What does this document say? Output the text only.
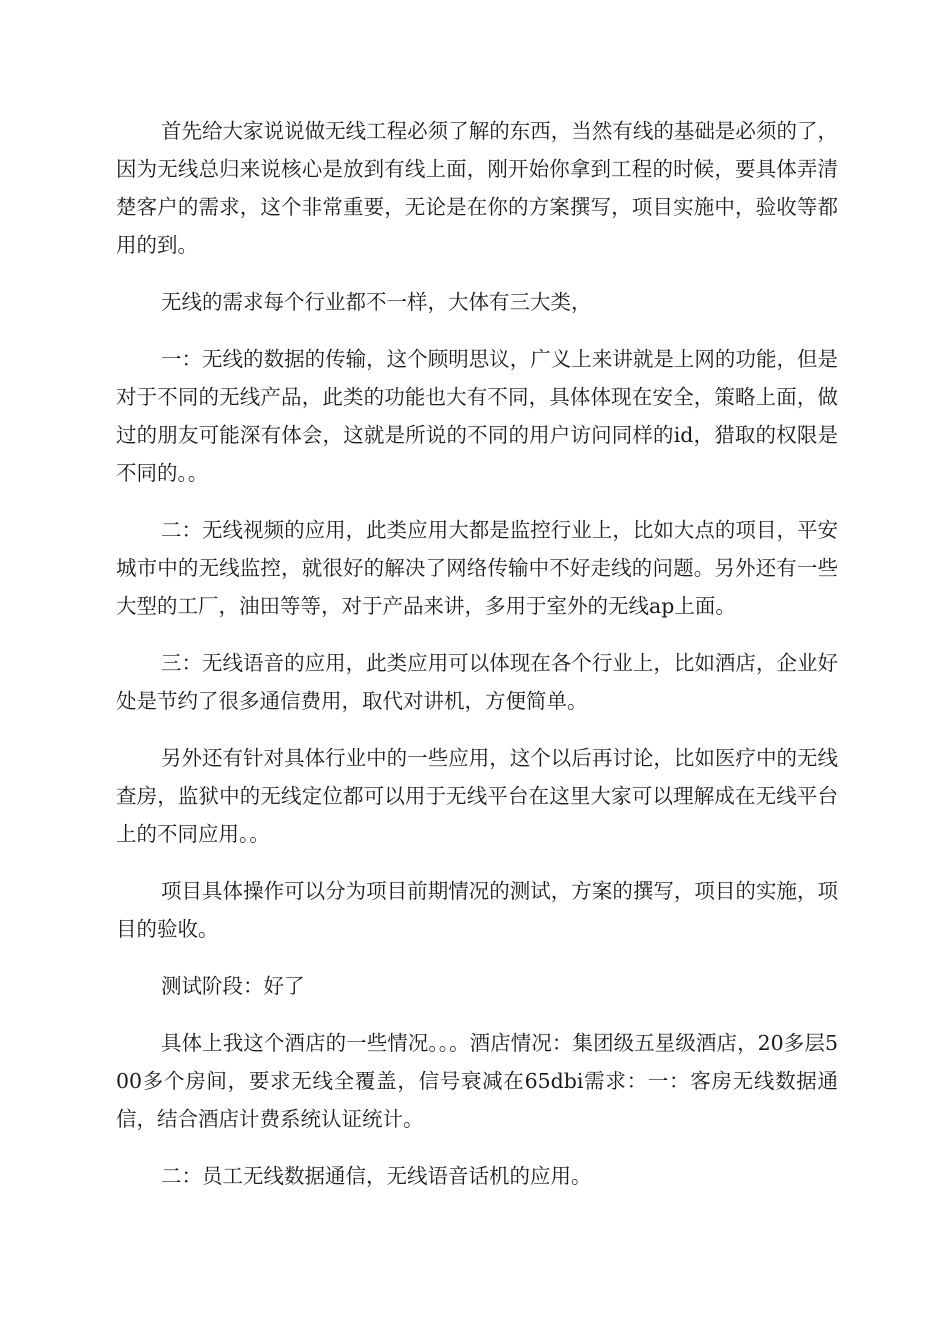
首先给大家说说做无线工程必须了解的东西，当然有线的基础是必须的了，因为无线总归来说核心是放到有线上面，刚开始你拿到工程的时候，要具体弄清楚客户的需求，这个非常重要，无论是在你的方案撰写，项目实施中，验收等都用的到。

无线的需求每个行业都不一样，大体有三大类，

一：无线的数据的传输，这个顾明思议，广义上来讲就是上网的功能，但是对于不同的无线产品，此类的功能也大有不同，具体体现在安全，策略上面，做过的朋友可能深有体会，这就是所说的不同的用户访问同样的id，猎取的权限是不同的。。

二：无线视频的应用，此类应用大都是监控行业上，比如大点的项目，平安城市中的无线监控，就很好的解决了网络传输中不好走线的问题。另外还有一些大型的工厂，油田等等，对于产品来讲，多用于室外的无线ap上面。

三：无线语音的应用，此类应用可以体现在各个行业上，比如酒店，企业好处是节约了很多通信费用，取代对讲机，方便简单。

另外还有针对具体行业中的一些应用，这个以后再讨论，比如医疗中的无线查房，监狱中的无线定位都可以用于无线平台在这里大家可以理解成在无线平台上的不同应用。。

项目具体操作可以分为项目前期情况的测试，方案的撰写，项目的实施，项目的验收。

测试阶段：好了

具体上我这个酒店的一些情况。。。酒店情况：集团级五星级酒店，20多层500多个房间，要求无线全覆盖，信号衰减在65dbi需求：一：客房无线数据通信，结合酒店计费系统认证统计。

二：员工无线数据通信，无线语音话机的应用。
